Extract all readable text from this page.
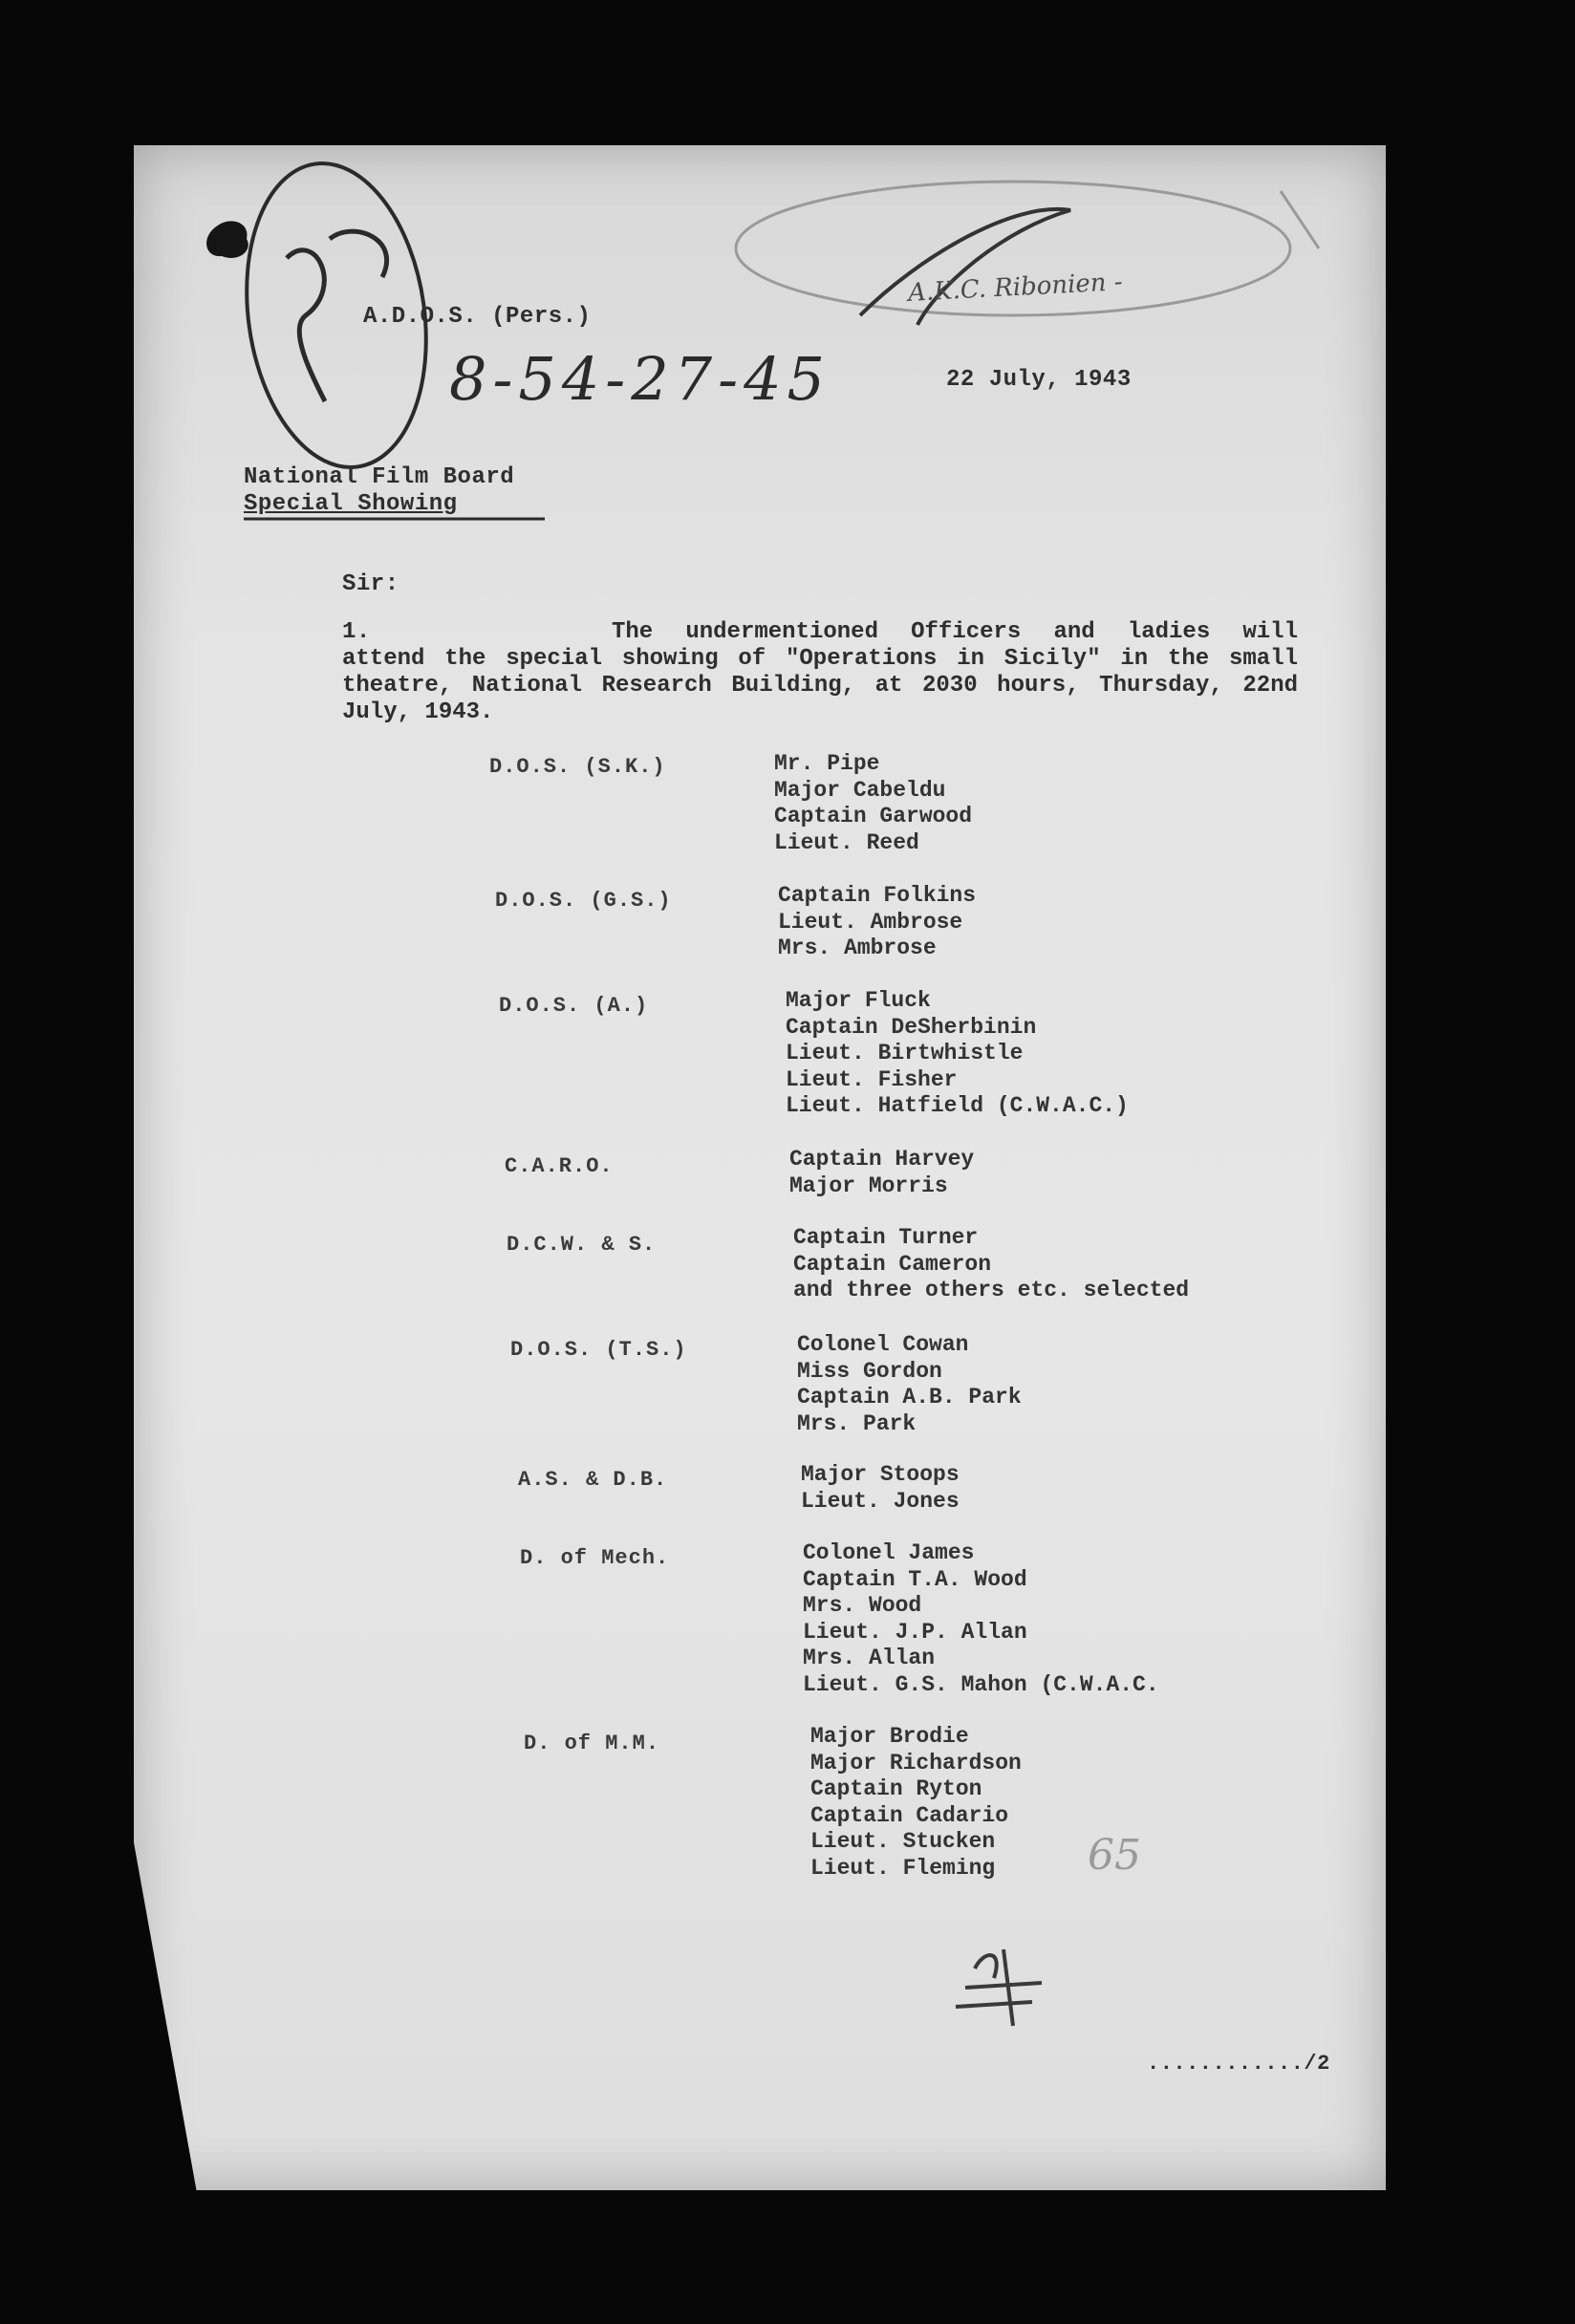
A.D.O.S. (Pers.)
22 July, 1943
8-54-27-45
A.K.C. Ribonien -
National Film Board
Special Showing
Sir:
1.	The undermentioned Officers and ladies will attend the special showing of "Operations in Sicily" in the small theatre, National Research Building, at 2030 hours, Thursday, 22nd July, 1943.
D.O.S. (S.K.)	Mr. Pipe
Major Cabeldu
Captain Garwood
Lieut. Reed
D.O.S. (G.S.)	Captain Folkins
Lieut. Ambrose
Mrs. Ambrose
D.O.S. (A.)	Major Fluck
Captain DeSherbinin
Lieut. Birtwhistle
Lieut. Fisher
Lieut. Hatfield (C.W.A.C.)
C.A.R.O.	Captain Harvey
Major Morris
D.C.W. & S.	Captain Turner
Captain Cameron
and three others etc. selected
D.O.S. (T.S.)	Colonel Cowan
Miss Gordon
Captain A.B. Park
Mrs. Park
A.S. & D.B.	Major Stoops
Lieut. Jones
D. of Mech.	Colonel James
Captain T.A. Wood
Mrs. Wood
Lieut. J.P. Allan
Mrs. Allan
Lieut. G.S. Mahon (C.W.A.C.
D. of M.M.	Major Brodie
Major Richardson
Captain Ryton
Captain Cadario
Lieut. Stucken
Lieut. Fleming	65
............/2
